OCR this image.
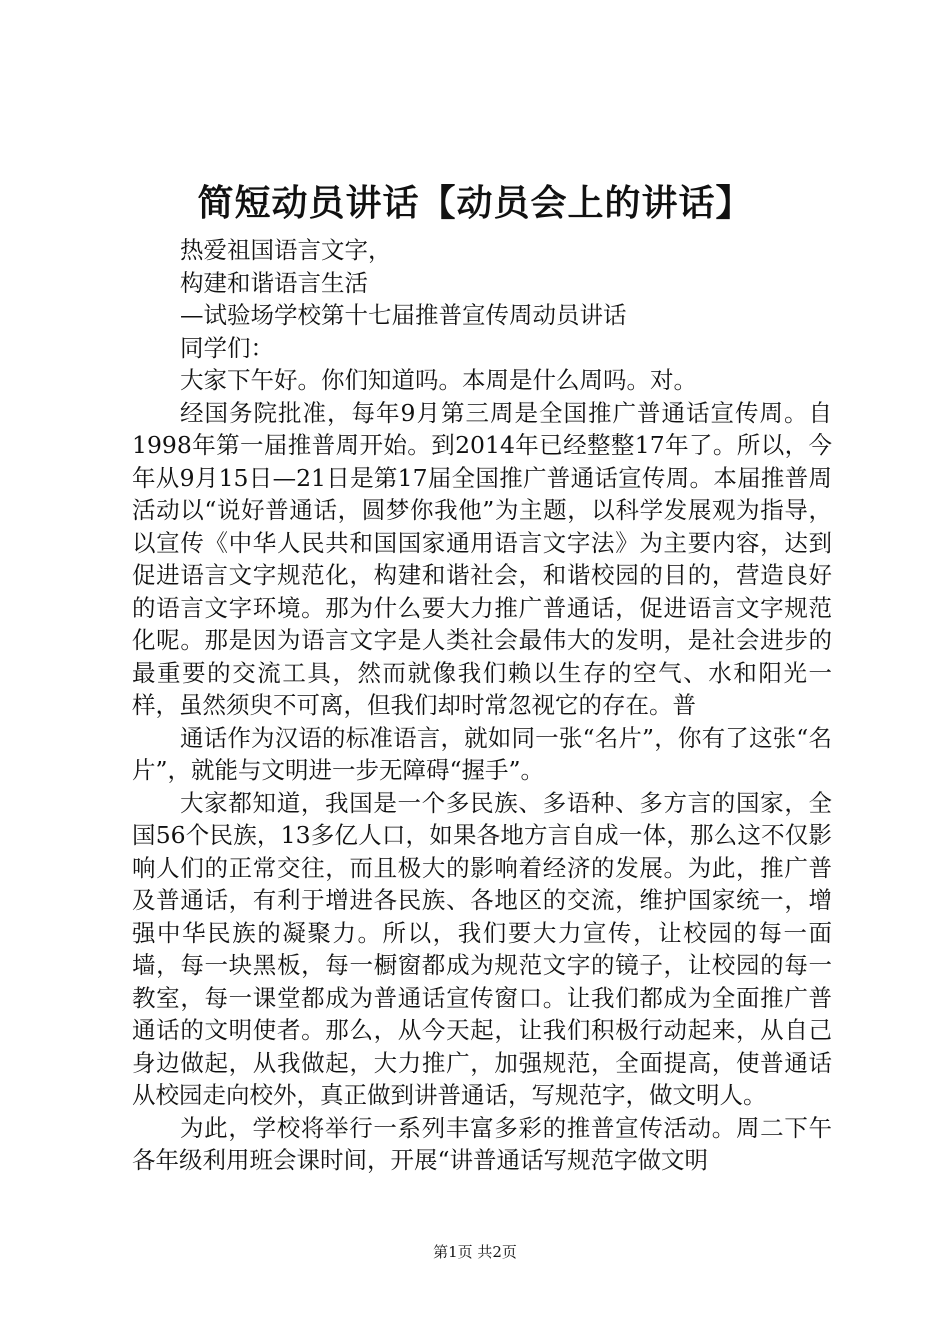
简短动员讲话【动员会上的讲话】
热爱祖国语言文字，
构建和谐语言生活
—试验场学校第十七届推普宣传周动员讲话
同学们：
大家下午好。你们知道吗。本周是什么周吗。对。

经国务院批准，每年9月第三周是全国推广普通话宣传周。自1998年第一届推普周开始。到2014年已经整整17年了。所以，今年从9月15日—21日是第17届全国推广普通话宣传周。本届推普周活动以“说好普通话，圆梦你我他”为主题，以科学发展观为指导，以宣传《中华人民共和国国家通用语言文字法》为主要内容，达到促进语言文字规范化，构建和谐社会，和谐校园的目的，营造良好的语言文字环境。那为什么要大力推广普通话，促进语言文字规范化呢。那是因为语言文字是人类社会最伟大的发明，是社会进步的最重要的交流工具，然而就像我们赖以生存的空气、水和阳光一样，虽然须臾不可离，但我们却时常忽视它的存在。普

通话作为汉语的标准语言，就如同一张“名片”，你有了这张“名片”，就能与文明进一步无障碍“握手”。

大家都知道，我国是一个多民族、多语种、多方言的国家，全国56个民族，13多亿人口，如果各地方言自成一体，那么这不仅影响人们的正常交往，而且极大的影响着经济的发展。为此，推广普及普通话，有利于增进各民族、各地区的交流，维护国家统一，增强中华民族的凝聚力。所以，我们要大力宣传，让校园的每一面墙，每一块黑板，每一橱窗都成为规范文字的镜子，让校园的每一教室，每一课堂都成为普通话宣传窗口。让我们都成为全面推广普通话的文明使者。那么，从今天起，让我们积极行动起来，从自己身边做起，从我做起，大力推广，加强规范，全面提高，使普通话从校园走向校外，真正做到讲普通话，写规范字，做文明人。

为此，学校将举行一系列丰富多彩的推普宣传活动。周二下午各年级利用班会课时间，开展“讲普通话写规范字做文明

第1页 共2页
